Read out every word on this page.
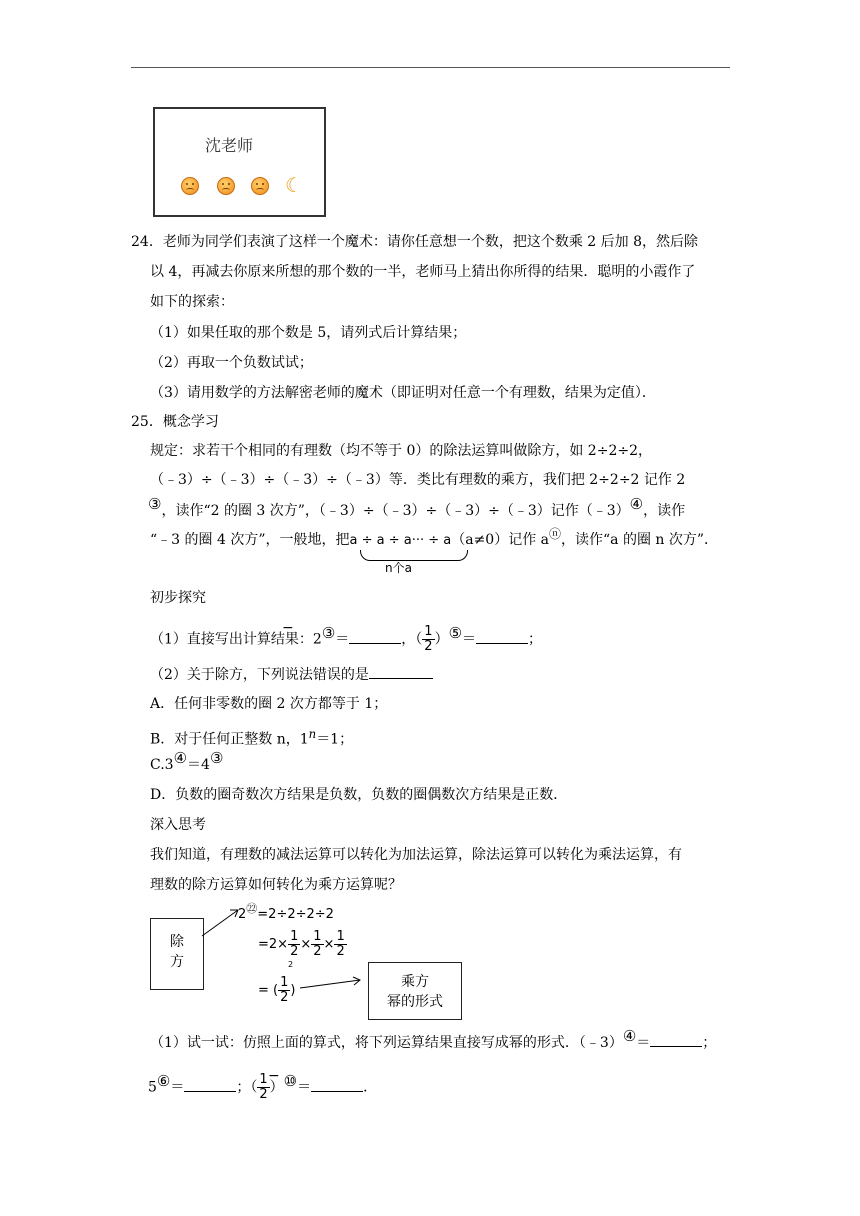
沈老师
☾
24．老师为同学们表演了这样一个魔术：请你任意想一个数，把这个数乘 2 后加 8，然后除
以 4，再减去你原来所想的那个数的一半，老师马上猜出你所得的结果．聪明的小霞作了
如下的探索：
（1）如果任取的那个数是 5，请列式后计算结果；
（2）再取一个负数试试；
（3）请用数学的方法解密老师的魔术（即证明对任意一个有理数，结果为定值）．
25．概念学习
规定：求若干个相同的有理数（均不等于 0）的除法运算叫做除方，如 2÷2÷2，
（﹣3）÷（﹣3）÷（﹣3）÷（﹣3）等．类比有理数的乘方，我们把 2÷2÷2 记作 2
③，读作“2 的圈 3 次方”，（﹣3）÷（﹣3）÷（﹣3）÷（﹣3）记作（﹣3）④，读作
“﹣3 的圈 4 次方”，一般地，把a ÷ a ÷ a··· ÷ a（a≠0）记作 aⓝ，读作“a 的圈 n 次方”．
n个a
初步探究
（1）直接写出计算结果：2③＝	，（ $\frac{1}{2}$ ）⑤＝	；
−
（2）关于除方，下列说法错误的是
A．任何非零数的圈 2 次方都等于 1；
B．对于任何正整数 n，$1^n=1$；
C.3④＝4③
D．负数的圈奇数次方结果是负数，负数的圈偶数次方结果是正数．
深入思考
我们知道，有理数的减法运算可以转化为加法运算，除法运算可以转化为乘法运算，有
理数的除方运算如何转化为乘方运算呢？
除
方
$2^㉒=2\div 2\div 2\div 2$
$=2\times \frac{1}{2} \times \frac{1}{2} \times \frac{1}{2}$
= ( $\frac{1}{2}$ )
2
乘方
幂的形式
（1）试一试：仿照上面的算式，将下列运算结果直接写成幂的形式．（﹣3）④＝	；
5⑥＝	；（ $\frac{1}{2}$ ）⑩＝	．
−
